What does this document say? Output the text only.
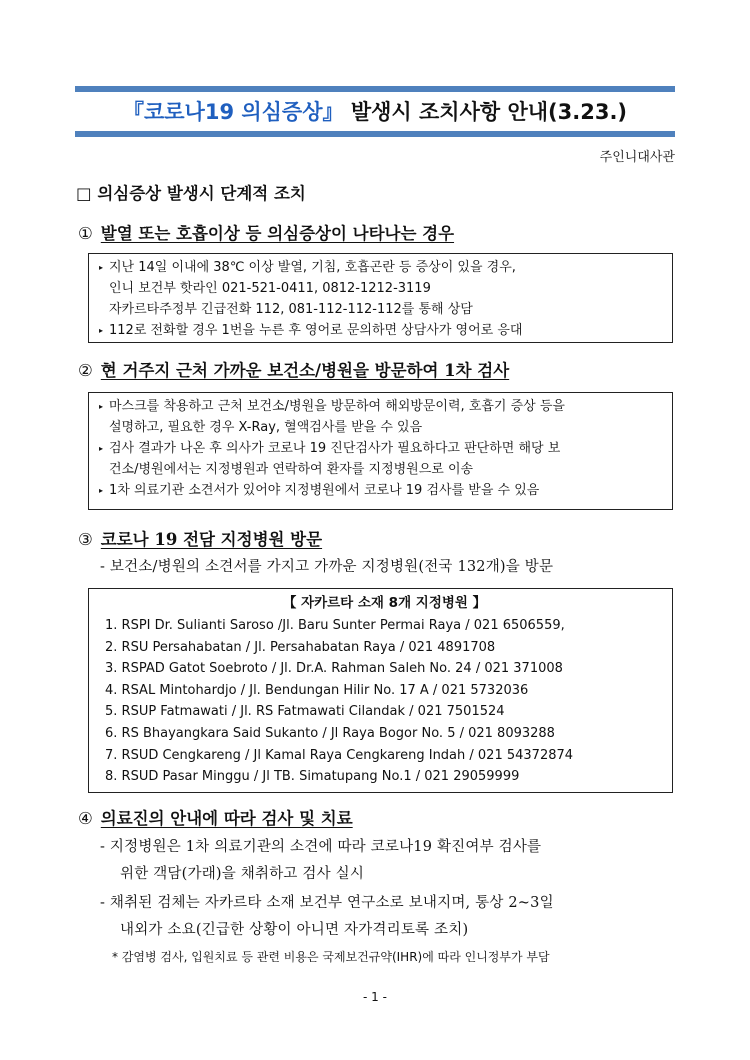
『코로나19 의심증상』 발생시 조치사항 안내(3.23.)
주인니대사관
□ 의심증상 발생시 단계적 조치
① 발열 또는 호흡이상 등 의심증상이 나타나는 경우
▸ 지난 14일 이내에 38℃ 이상 발열, 기침, 호흡곤란 등 증상이 있을 경우,
인니 보건부 핫라인 021-521-0411, 0812-1212-3119
자카르타주정부 긴급전화 112, 081-112-112-112를 통해 상담
▸ 112로 전화할 경우 1번을 누른 후 영어로 문의하면 상담사가 영어로 응대
② 현 거주지 근처 가까운 보건소/병원을 방문하여 1차 검사
▸ 마스크를 착용하고 근처 보건소/병원을 방문하여 해외방문이력, 호흡기 증상 등을
설명하고, 필요한 경우 X-Ray, 혈액검사를 받을 수 있음
▸ 검사 결과가 나온 후 의사가 코로나 19 진단검사가 필요하다고 판단하면 해당 보
건소/병원에서는 지정병원과 연락하여 환자를 지정병원으로 이송
▸ 1차 의료기관 소견서가 있어야 지정병원에서 코로나 19 검사를 받을 수 있음
③ 코로나 19 전담 지정병원 방문
- 보건소/병원의 소견서를 가지고 가까운 지정병원(전국 132개)을 방문
【 자카르타 소재 8개 지정병원 】
1. RSPI Dr. Sulianti Saroso /Jl. Baru Sunter Permai Raya / 021 6506559,
2. RSU Persahabatan / Jl. Persahabatan Raya / 021 4891708
3. RSPAD Gatot Soebroto / Jl. Dr.A. Rahman Saleh No. 24 / 021 371008
4. RSAL Mintohardjo / Jl. Bendungan Hilir No. 17 A / 021 5732036
5. RSUP Fatmawati / Jl. RS Fatmawati Cilandak / 021 7501524
6. RS Bhayangkara Said Sukanto / Jl Raya Bogor No. 5 / 021 8093288
7. RSUD Cengkareng / Jl Kamal Raya Cengkareng Indah / 021 54372874
8. RSUD Pasar Minggu / Jl TB. Simatupang No.1 / 021 29059999
④ 의료진의 안내에 따라 검사 및 치료
- 지정병원은 1차 의료기관의 소견에 따라 코로나19 확진여부 검사를
위한 객담(가래)을 채취하고 검사 실시
- 채취된 검체는 자카르타 소재 보건부 연구소로 보내지며, 통상 2~3일
내외가 소요(긴급한 상황이 아니면 자가격리토록 조치)
* 감염병 검사, 입원치료 등 관련 비용은 국제보건규약(IHR)에 따라 인니정부가 부담
- 1 -
